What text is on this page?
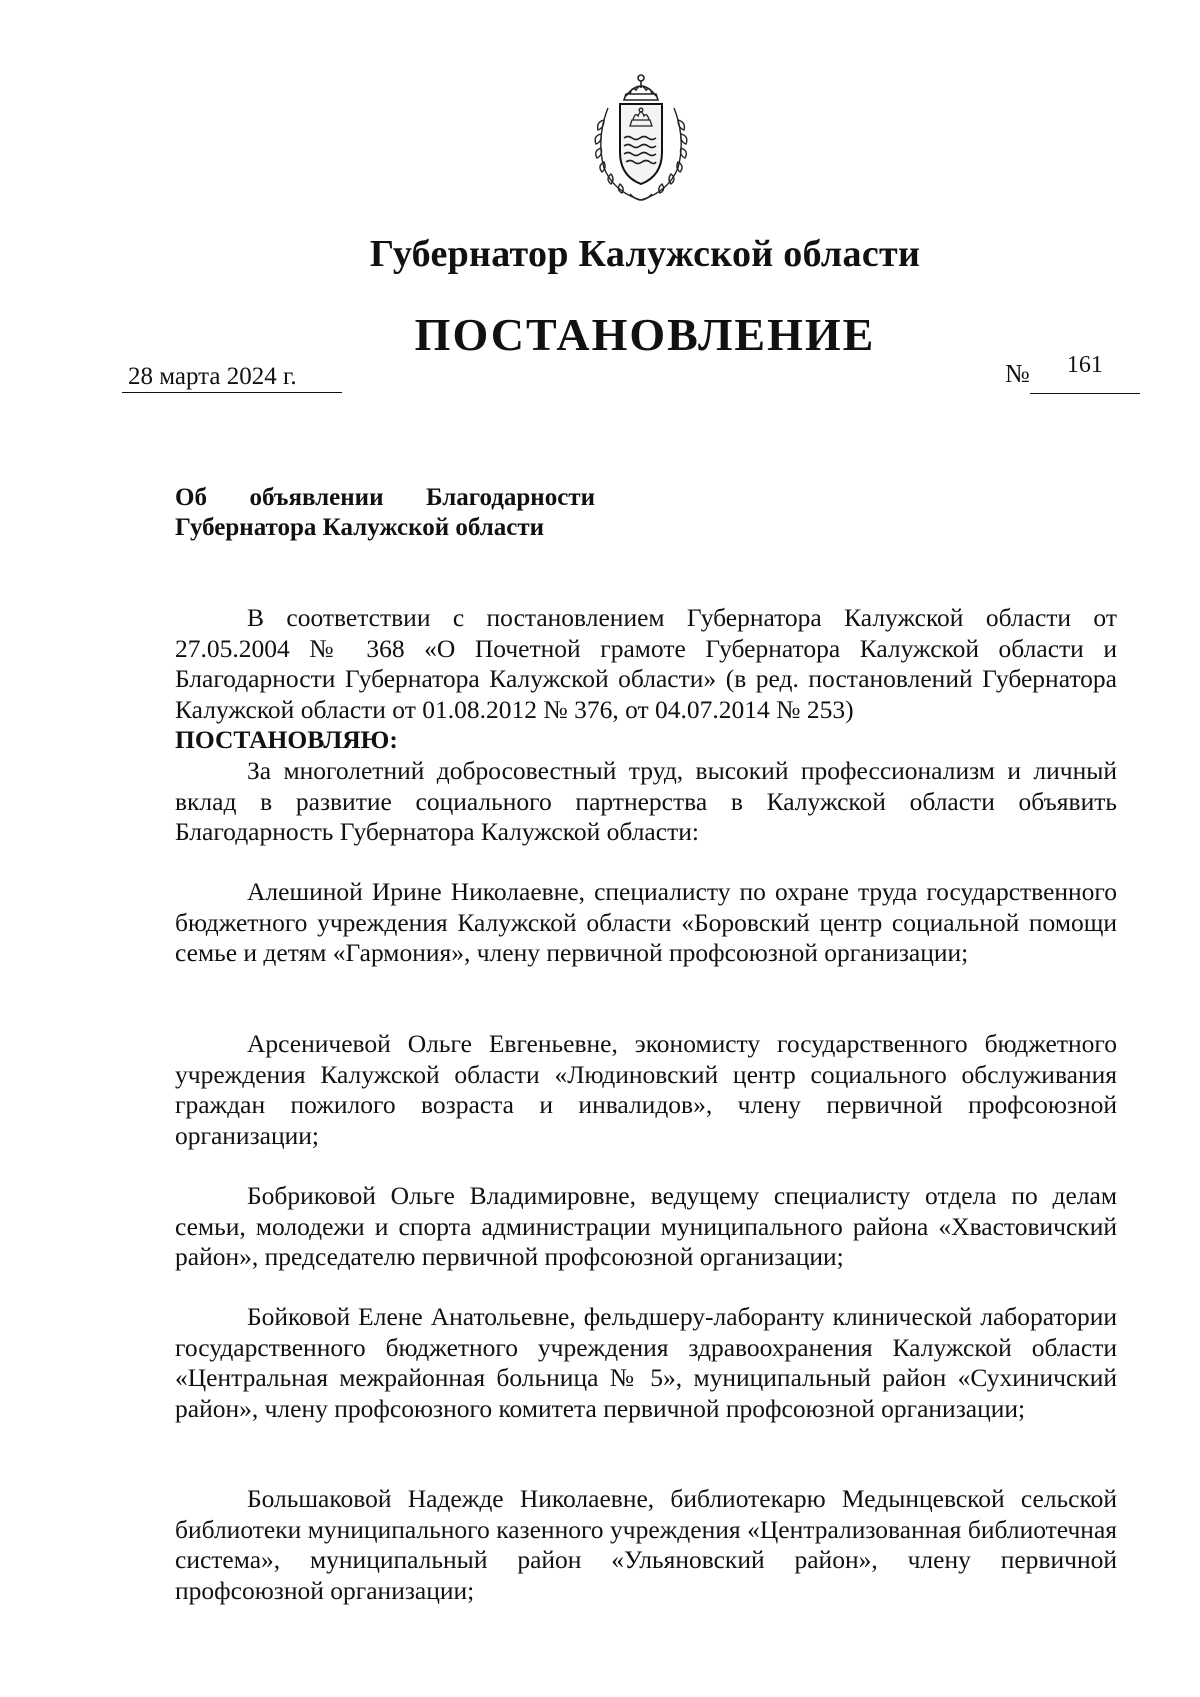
Губернатор Калужской области
ПОСТАНОВЛЕНИЕ
28 марта 2024 г.	№ 161
Об объявлении Благодарности
Губернатора Калужской области

В соответствии с постановлением Губернатора Калужской области от 27.05.2004 № 368 «О Почетной грамоте Губернатора Калужской области и Благодарности Губернатора Калужской области» (в ред. постановлений Губернатора Калужской области от 01.08.2012 № 376, от 04.07.2014 № 253)

ПОСТАНОВЛЯЮ:

За многолетний добросовестный труд, высокий профессионализм и личный вклад в развитие социального партнерства в Калужской области объявить Благодарность Губернатора Калужской области:

Алешиной Ирине Николаевне, специалисту по охране труда государственного бюджетного учреждения Калужской области «Боровский центр социальной помощи семье и детям «Гармония», члену первичной профсоюзной организации;

Арсеничевой Ольге Евгеньевне, экономисту государственного бюджетного учреждения Калужской области «Людиновский центр социального обслуживания граждан пожилого возраста и инвалидов», члену первичной профсоюзной организации;

Бобриковой Ольге Владимировне, ведущему специалисту отдела по делам семьи, молодежи и спорта администрации муниципального района «Хвастовичский район», председателю первичной профсоюзной организации;

Бойковой Елене Анатольевне, фельдшеру-лаборанту клинической лаборатории государственного бюджетного учреждения здравоохранения Калужской области «Центральная межрайонная больница № 5», муниципальный район «Сухиничский район», члену профсоюзного комитета первичной профсоюзной организации;

Большаковой Надежде Николаевне, библиотекарю Медынцевской сельской библиотеки муниципального казенного учреждения «Централизованная библиотечная система», муниципальный район «Ульяновский район», члену первичной профсоюзной организации;
